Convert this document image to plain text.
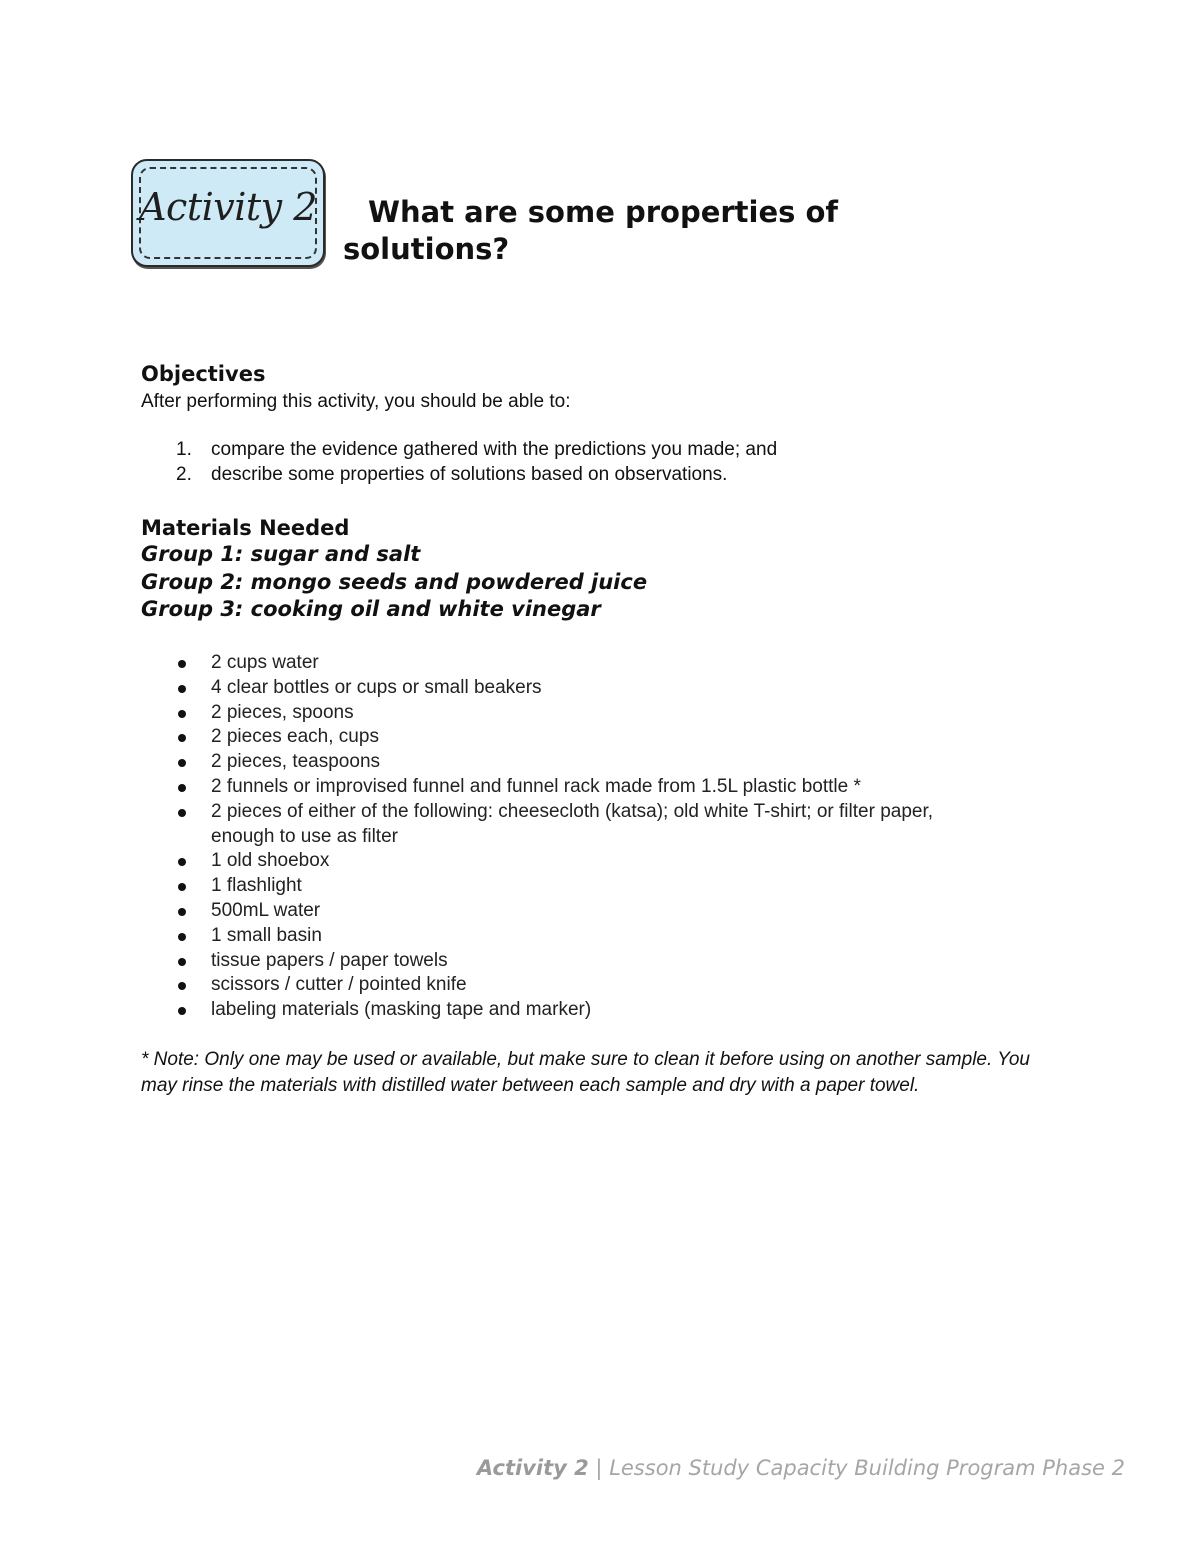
Activity 2	What are some properties of
solutions?
Objectives

After performing this activity, you should be able to:

1. compare the evidence gathered with the predictions you made; and
2. describe some properties of solutions based on observations.
Materials Needed
Group 1: sugar and salt
Group 2: mongo seeds and powdered juice
Group 3: cooking oil and white vinegar
2 cups water
4 clear bottles or cups or small beakers
2 pieces, spoons
2 pieces each, cups
2 pieces, teaspoons
2 funnels or improvised funnel and funnel rack made from 1.5L plastic bottle *
2 pieces of either of the following: cheesecloth (katsa); old white T-shirt; or filter paper, enough to use as filter
1 old shoebox
1 flashlight
500mL water
1 small basin
tissue papers / paper towels
scissors / cutter / pointed knife
labeling materials (masking tape and marker)

* Note: Only one may be used or available, but make sure to clean it before using on another sample. You may rinse the materials with distilled water between each sample and dry with a paper towel.

Activity 2 | Lesson Study Capacity Building Program Phase 2
